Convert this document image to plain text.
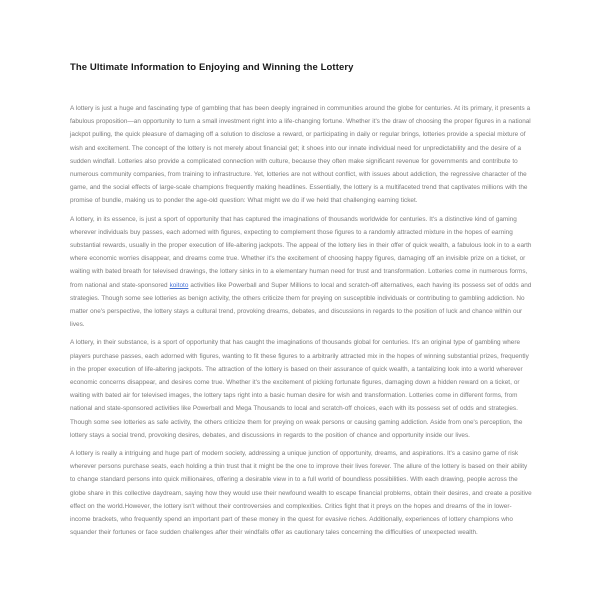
The Ultimate Information to Enjoying and Winning the Lottery

A lottery is just a huge and fascinating type of gambling that has been deeply ingrained in communities around the globe for centuries. At its primary, it presents a fabulous proposition—an opportunity to turn a small investment right into a life-changing fortune. Whether it's the draw of choosing the proper figures in a national jackpot pulling, the quick pleasure of damaging off a solution to disclose a reward, or participating in daily or regular brings, lotteries provide a special mixture of wish and excitement. The concept of the lottery is not merely about financial get; it shoes into our innate individual need for unpredictability and the desire of a sudden windfall. Lotteries also provide a complicated connection with culture, because they often make significant revenue for governments and contribute to numerous community companies, from training to infrastructure. Yet, lotteries are not without conflict, with issues about addiction, the regressive character of the game, and the social effects of large-scale champions frequently making headlines. Essentially, the lottery is a multifaceted trend that captivates millions with the promise of bundle, making us to ponder the age-old question: What might we do if we held that challenging earning ticket.

A lottery, in its essence, is just a sport of opportunity that has captured the imaginations of thousands worldwide for centuries. It's a distinctive kind of gaming wherever individuals buy passes, each adorned with figures, expecting to complement those figures to a randomly attracted mixture in the hopes of earning substantial rewards, usually in the proper execution of life-altering jackpots. The appeal of the lottery lies in their offer of quick wealth, a fabulous look in to a earth where economic worries disappear, and dreams come true. Whether it's the excitement of choosing happy figures, damaging off an invisible prize on a ticket, or waiting with bated breath for televised drawings, the lottery sinks in to a elementary human need for trust and transformation. Lotteries come in numerous forms, from national and state-sponsored koitoto activities like Powerball and Super Millions to local and scratch-off alternatives, each having its possess set of odds and strategies. Though some see lotteries as benign activity, the others criticize them for preying on susceptible individuals or contributing to gambling addiction. No matter one's perspective, the lottery stays a cultural trend, provoking dreams, debates, and discussions in regards to the position of luck and chance within our lives.

A lottery, in their substance, is a sport of opportunity that has caught the imaginations of thousands global for centuries. It's an original type of gambling where players purchase passes, each adorned with figures, wanting to fit these figures to a arbitrarily attracted mix in the hopes of winning substantial prizes, frequently in the proper execution of life-altering jackpots. The attraction of the lottery is based on their assurance of quick wealth, a tantalizing look into a world wherever economic concerns disappear, and desires come true. Whether it's the excitement of picking fortunate figures, damaging down a hidden reward on a ticket, or waiting with bated air for televised images, the lottery taps right into a basic human desire for wish and transformation. Lotteries come in different forms, from national and state-sponsored activities like Powerball and Mega Thousands to local and scratch-off choices, each with its possess set of odds and strategies. Though some see lotteries as safe activity, the others criticize them for preying on weak persons or causing gaming addiction. Aside from one's perception, the lottery stays a social trend, provoking desires, debates, and discussions in regards to the position of chance and opportunity inside our lives.

A lottery is really a intriguing and huge part of modern society, addressing a unique junction of opportunity, dreams, and aspirations. It's a casino game of risk wherever persons purchase seats, each holding a thin trust that it might be the one to improve their lives forever. The allure of the lottery is based on their ability to change standard persons into quick millionaires, offering a desirable view in to a full world of boundless possibilities. With each drawing, people across the globe share in this collective daydream, saying how they would use their newfound wealth to escape financial problems, obtain their desires, and create a positive effect on the world.However, the lottery isn't without their controversies and complexities. Critics fight that it preys on the hopes and dreams of the in lower-income brackets, who frequently spend an important part of these money in the quest for evasive riches. Additionally, experiences of lottery champions who squander their fortunes or face sudden challenges after their windfalls offer as cautionary tales concerning the difficulties of unexpected wealth.
